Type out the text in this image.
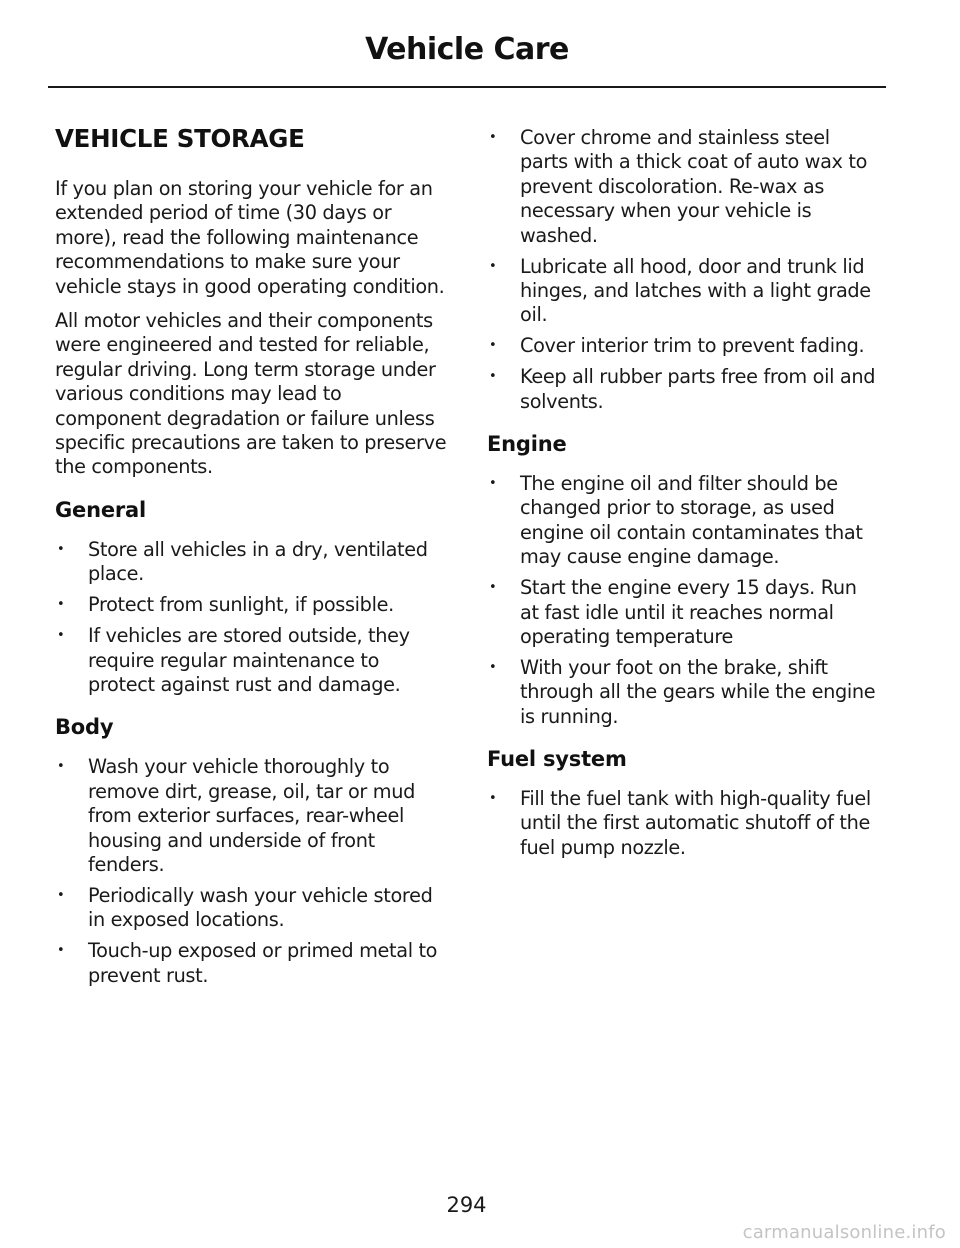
Vehicle Care
VEHICLE STORAGE

If you plan on storing your vehicle for an extended period of time (30 days or more), read the following maintenance recommendations to make sure your vehicle stays in good operating condition.

All motor vehicles and their components were engineered and tested for reliable, regular driving. Long term storage under various conditions may lead to component degradation or failure unless specific precautions are taken to preserve the components.

General
• Store all vehicles in a dry, ventilated place.
• Protect from sunlight, if possible.
• If vehicles are stored outside, they require regular maintenance to protect against rust and damage.
Body
• Wash your vehicle thoroughly to remove dirt, grease, oil, tar or mud from exterior surfaces, rear-wheel housing and underside of front fenders.
• Periodically wash your vehicle stored in exposed locations.
• Touch-up exposed or primed metal to prevent rust.
• Cover chrome and stainless steel parts with a thick coat of auto wax to prevent discoloration. Re-wax as necessary when your vehicle is washed.
• Lubricate all hood, door and trunk lid hinges, and latches with a light grade oil.
• Cover interior trim to prevent fading.
• Keep all rubber parts free from oil and solvents.
Engine
• The engine oil and filter should be changed prior to storage, as used engine oil contain contaminates that may cause engine damage.
• Start the engine every 15 days. Run at fast idle until it reaches normal operating temperature
• With your foot on the brake, shift through all the gears while the engine is running.
Fuel system
• Fill the fuel tank with high-quality fuel until the first automatic shutoff of the fuel pump nozzle.
294
carmanualsonline.info
